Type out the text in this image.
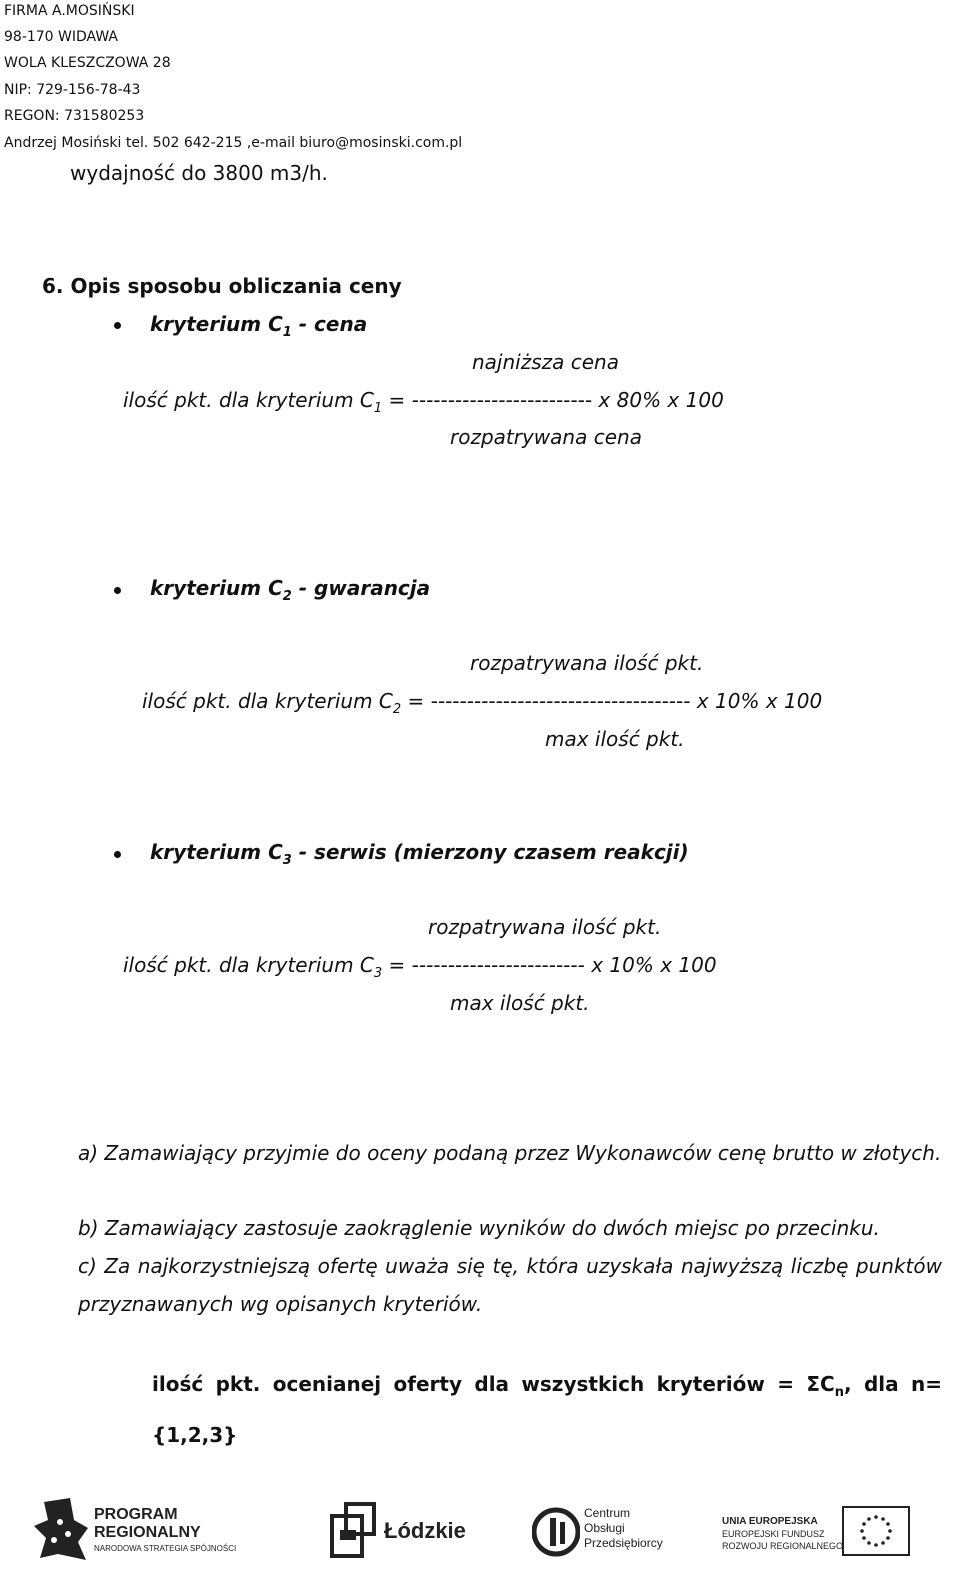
FIRMA A.MOSIŃSKI
98-170 WIDAWA
WOLA KLESZCZOWA 28
NIP: 729-156-78-43
REGON: 731580253
Andrzej Mosiński tel. 502 642-215 ,e-mail biuro@mosinski.com.pl
wydajność do 3800 m3/h.
6. Opis sposobu obliczania ceny
kryterium $C_1$ - cena
najniższa cena
ilość pkt. dla kryterium $C_1$ = ------------------------- x 80% x 100
rozpatrywana cena
kryterium $C_2$ - gwarancja
rozpatrywana ilość pkt.
ilość pkt. dla kryterium $C_2$ = ------------------------------------ x 10% x 100
max ilość pkt.
kryterium $C_3$ - serwis (mierzony czasem reakcji)
rozpatrywana ilość pkt.
ilość pkt. dla kryterium $C_3$ = ------------------------ x 10% x 100
max ilość pkt.
a) Zamawiający przyjmie do oceny podaną przez Wykonawców cenę brutto w złotych.
b) Zamawiający zastosuje zaokrąglenie wyników do dwóch miejsc po przecinku.
c) Za najkorzystniejszą ofertę uważa się tę, która uzyskała najwyższą liczbę punktów przyznawanych wg opisanych kryteriów.
ilość pkt. ocenianej oferty dla wszystkich kryteriów = $\Sigma C_n$, dla n={1,2,3}
PROGRAM
REGIONALNY
NARODOWA STRATEGIA SPÓJNOŚCI
Łódzkie
Centrum
Obsługi
Przedsiębiorcy
UNIA EUROPEJSKA
EUROPEJSKI FUNDUSZ
ROZWOJU REGIONALNEGO
